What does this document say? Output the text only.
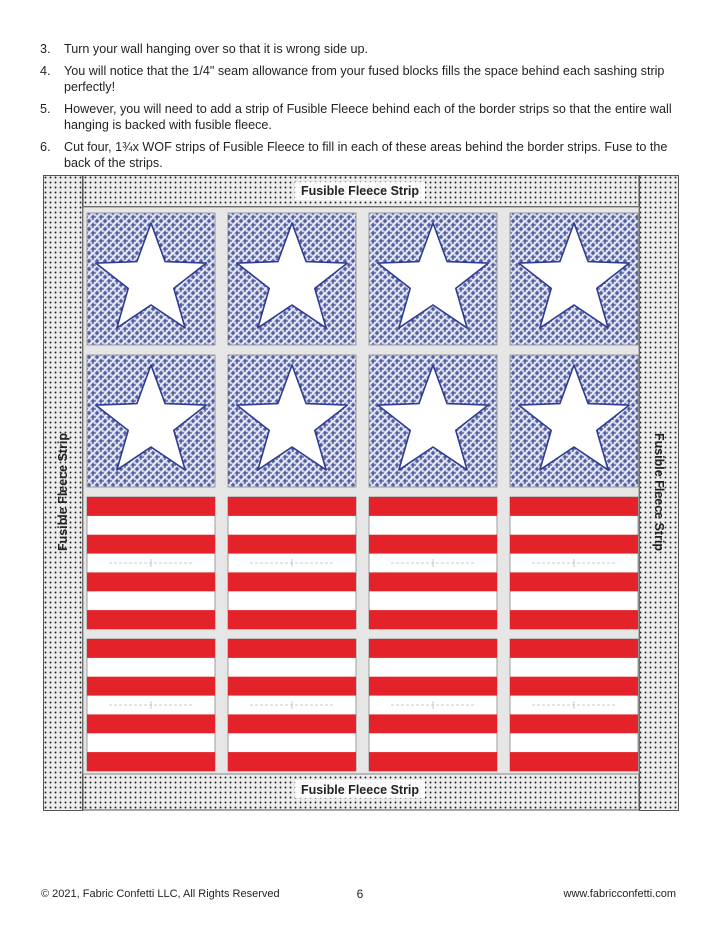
3. Turn your wall hanging over so that it is wrong side up.
4. You will notice that the 1/4" seam allowance from your fused blocks fills the space behind each sashing strip perfectly!
5. However, you will need to add a strip of Fusible Fleece behind each of the border strips so that the entire wall hanging is backed with fusible fleece.
6. Cut four, 1¾x WOF strips of Fusible Fleece to fill in each of these areas behind the border strips. Fuse to the back of the strips.
Fusible Fleece Strip
Fusible Fleece Strip
Fusible Fleece Strip	Fusible Fleece Strip
© 2021, Fabric Confetti LLC, All Rights Reserved	6	www.fabricconfetti.com
